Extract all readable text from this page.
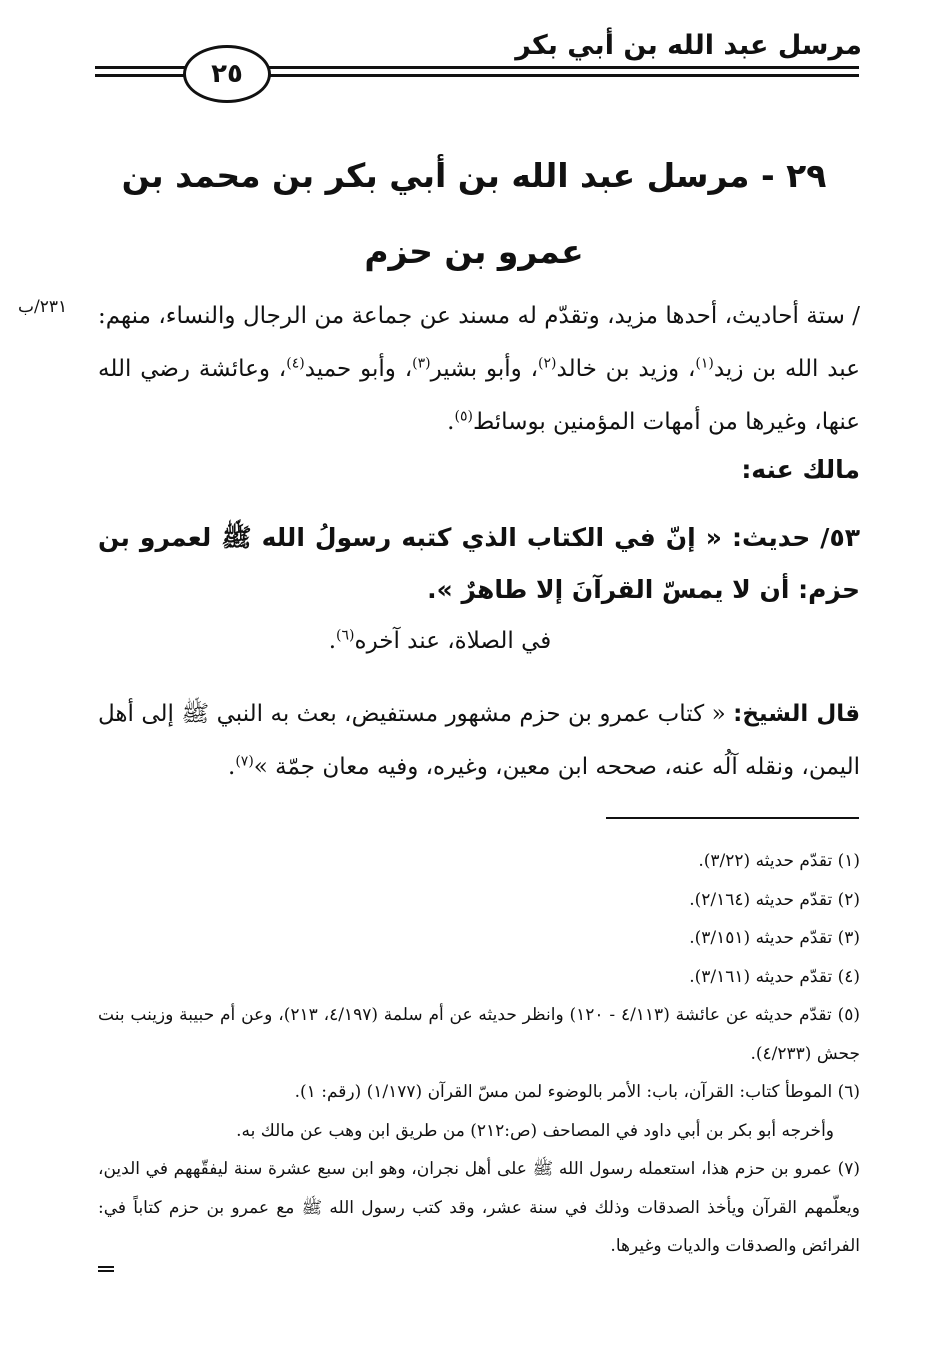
مرسل عبد الله بن أبي بكر
٢٥
٢٩ - مرسل عبد الله بن أبي بكر بن محمد بن
عمرو بن حزم
٢٣١/ب / ستة أحاديث، أحدها مزيد، وتقدّم له مسند عن جماعة من الرجال والنساء، منهم: عبد الله بن زيد$^{(١)}$، وزيد بن خالد$^{(٢)}$، وأبو بشير$^{(٣)}$، وأبو حميد$^{(٤)}$، وعائشة رضي الله عنها، وغيرها من أمهات المؤمنين بوسائط$^{(٥)}$.
مالك عنه:
٥٣/ حديث: « إنّ في الكتاب الذي كتبه رسولُ الله ﷺ لعمرو بن حزم: أن لا يمسّ القرآنَ إلا طاهرٌ ».
في الصلاة، عند آخره$^{(٦)}$.
قال الشيخ: « كتاب عمرو بن حزم مشهور مستفيض، بعث به النبي ﷺ إلى أهل اليمن، ونقله آلُه عنه، صححه ابن معين، وغيره، وفيه معان جمّة »$^{(٧)}$.

(١) تقدّم حديثه (٣/٢٢).

(٢) تقدّم حديثه (٢/١٦٤).

(٣) تقدّم حديثه (٣/١٥١).

(٤) تقدّم حديثه (٣/١٦١).

(٥) تقدّم حديثه عن عائشة (٤/١١٣ - ١٢٠) وانظر حديثه عن أم سلمة (٤/١٩٧، ٢١٣)، وعن أم حبيبة وزينب بنت جحش (٤/٢٣٣).

(٦) الموطأ كتاب: القرآن، باب: الأمر بالوضوء لمن مسّ القرآن (١/١٧٧) (رقم: ١).

وأخرجه أبو بكر بن أبي داود في المصاحف (ص:٢١٢) من طريق ابن وهب عن مالك به.

(٧) عمرو بن حزم هذا، استعمله رسول الله ﷺ على أهل نجران، وهو ابن سبع عشرة سنة ليفقّههم في الدين، ويعلّمهم القرآن ويأخذ الصدقات وذلك في سنة عشر، وقد كتب رسول الله ﷺ مع عمرو بن حزم كتاباً في: الفرائض والصدقات والديات وغيرها.
